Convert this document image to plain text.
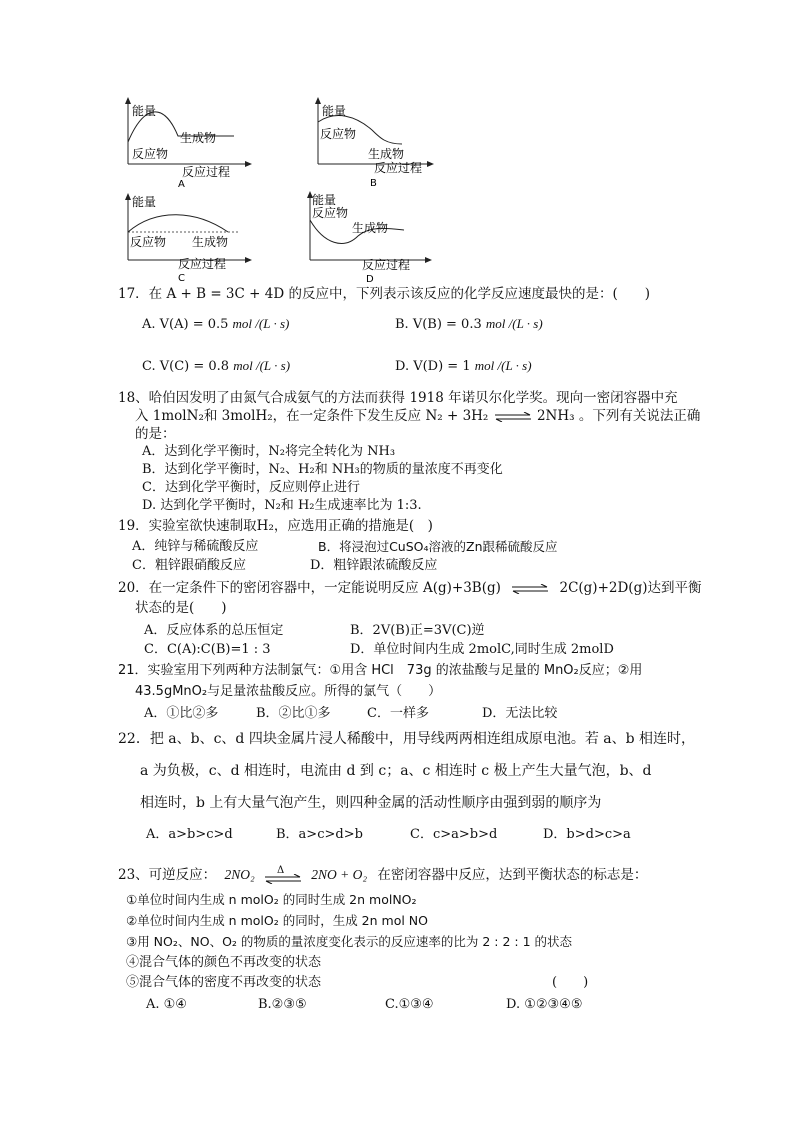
能量
生成物
反应物
反应过程
A
能量
反应物
生成物
反应过程
B
能量
反应物 生成物
反应过程
C
能量
反应物
生成物
反应过程
D
17．在 A + B = 3C + 4D 的反应中，下列表示该反应的化学反应速度最快的是：(　　)
A. V(A) = 0.5 mol /(L · s)	B. V(B) = 0.3 mol /(L · s)
C. V(C) = 0.8 mol /(L · s)	D. V(D) = 1 mol /(L · s)
18、哈伯因发明了由氮气合成氨气的方法而获得 1918 年诺贝尔化学奖。现向一密闭容器中充
入 1molN₂和 3molH₂，在一定条件下发生反应 N₂ + 3H₂ ⇌ 2NH₃ 。下列有关说法正确
的是：
A．达到化学平衡时，N₂将完全转化为 NH₃
B．达到化学平衡时，N₂、H₂和 NH₃的物质的量浓度不再变化
C．达到化学平衡时，反应则停止进行
D. 达到化学平衡时，N₂和 H₂生成速率比为 1:3.
19．实验室欲快速制取H₂，应选用正确的措施是(　)
A．纯锌与稀硫酸反应	B．将浸泡过CuSO₄溶液的Zn跟稀硫酸反应
C．粗锌跟硝酸反应	D．粗锌跟浓硫酸反应
20．在一定条件下的密闭容器中，一定能说明反应 A(g)+3B(g) ⇌ 2C(g)+2D(g)达到平衡
状态的是(　　)
A．反应体系的总压恒定	B．2V(B)正=3V(C)逆
C．C(A):C(B)=1 : 3	D．单位时间内生成 2molC,同时生成 2molD
21．实验室用下列两种方法制氯气：①用含 HCl　73g 的浓盐酸与足量的 MnO₂反应；②用
43.5gMnO₂与足量浓盐酸反应。所得的氯气（　　）
A．①比②多	B．②比①多	C．一样多	D．无法比较
22．把 a、b、c、d 四块金属片浸人稀酸中，用导线两两相连组成原电池。若 a、b 相连时，
a 为负极，c、d 相连时，电流由 d 到 c；a、c 相连时 c 极上产生大量气泡，b、d
相连时，b 上有大量气泡产生，则四种金属的活动性顺序由强到弱的顺序为
A．a>b>c>d	B．a>c>d>b	C．c>a>b>d	D．b>d>c>a
23、可逆反应： 2NO₂ Δ 2NO + O₂ 在密闭容器中反应，达到平衡状态的标志是：
①单位时间内生成 n molO₂ 的同时生成 2n molNO₂
②单位时间内生成 n molO₂ 的同时，生成 2n mol NO
③用 NO₂、NO、O₂ 的物质的量浓度变化表示的反应速率的比为 2 : 2 : 1 的状态
④混合气体的颜色不再改变的状态
⑤混合气体的密度不再改变的状态	(　　)
A. ①④	B.②③⑤	C.①③④	D. ①②③④⑤
